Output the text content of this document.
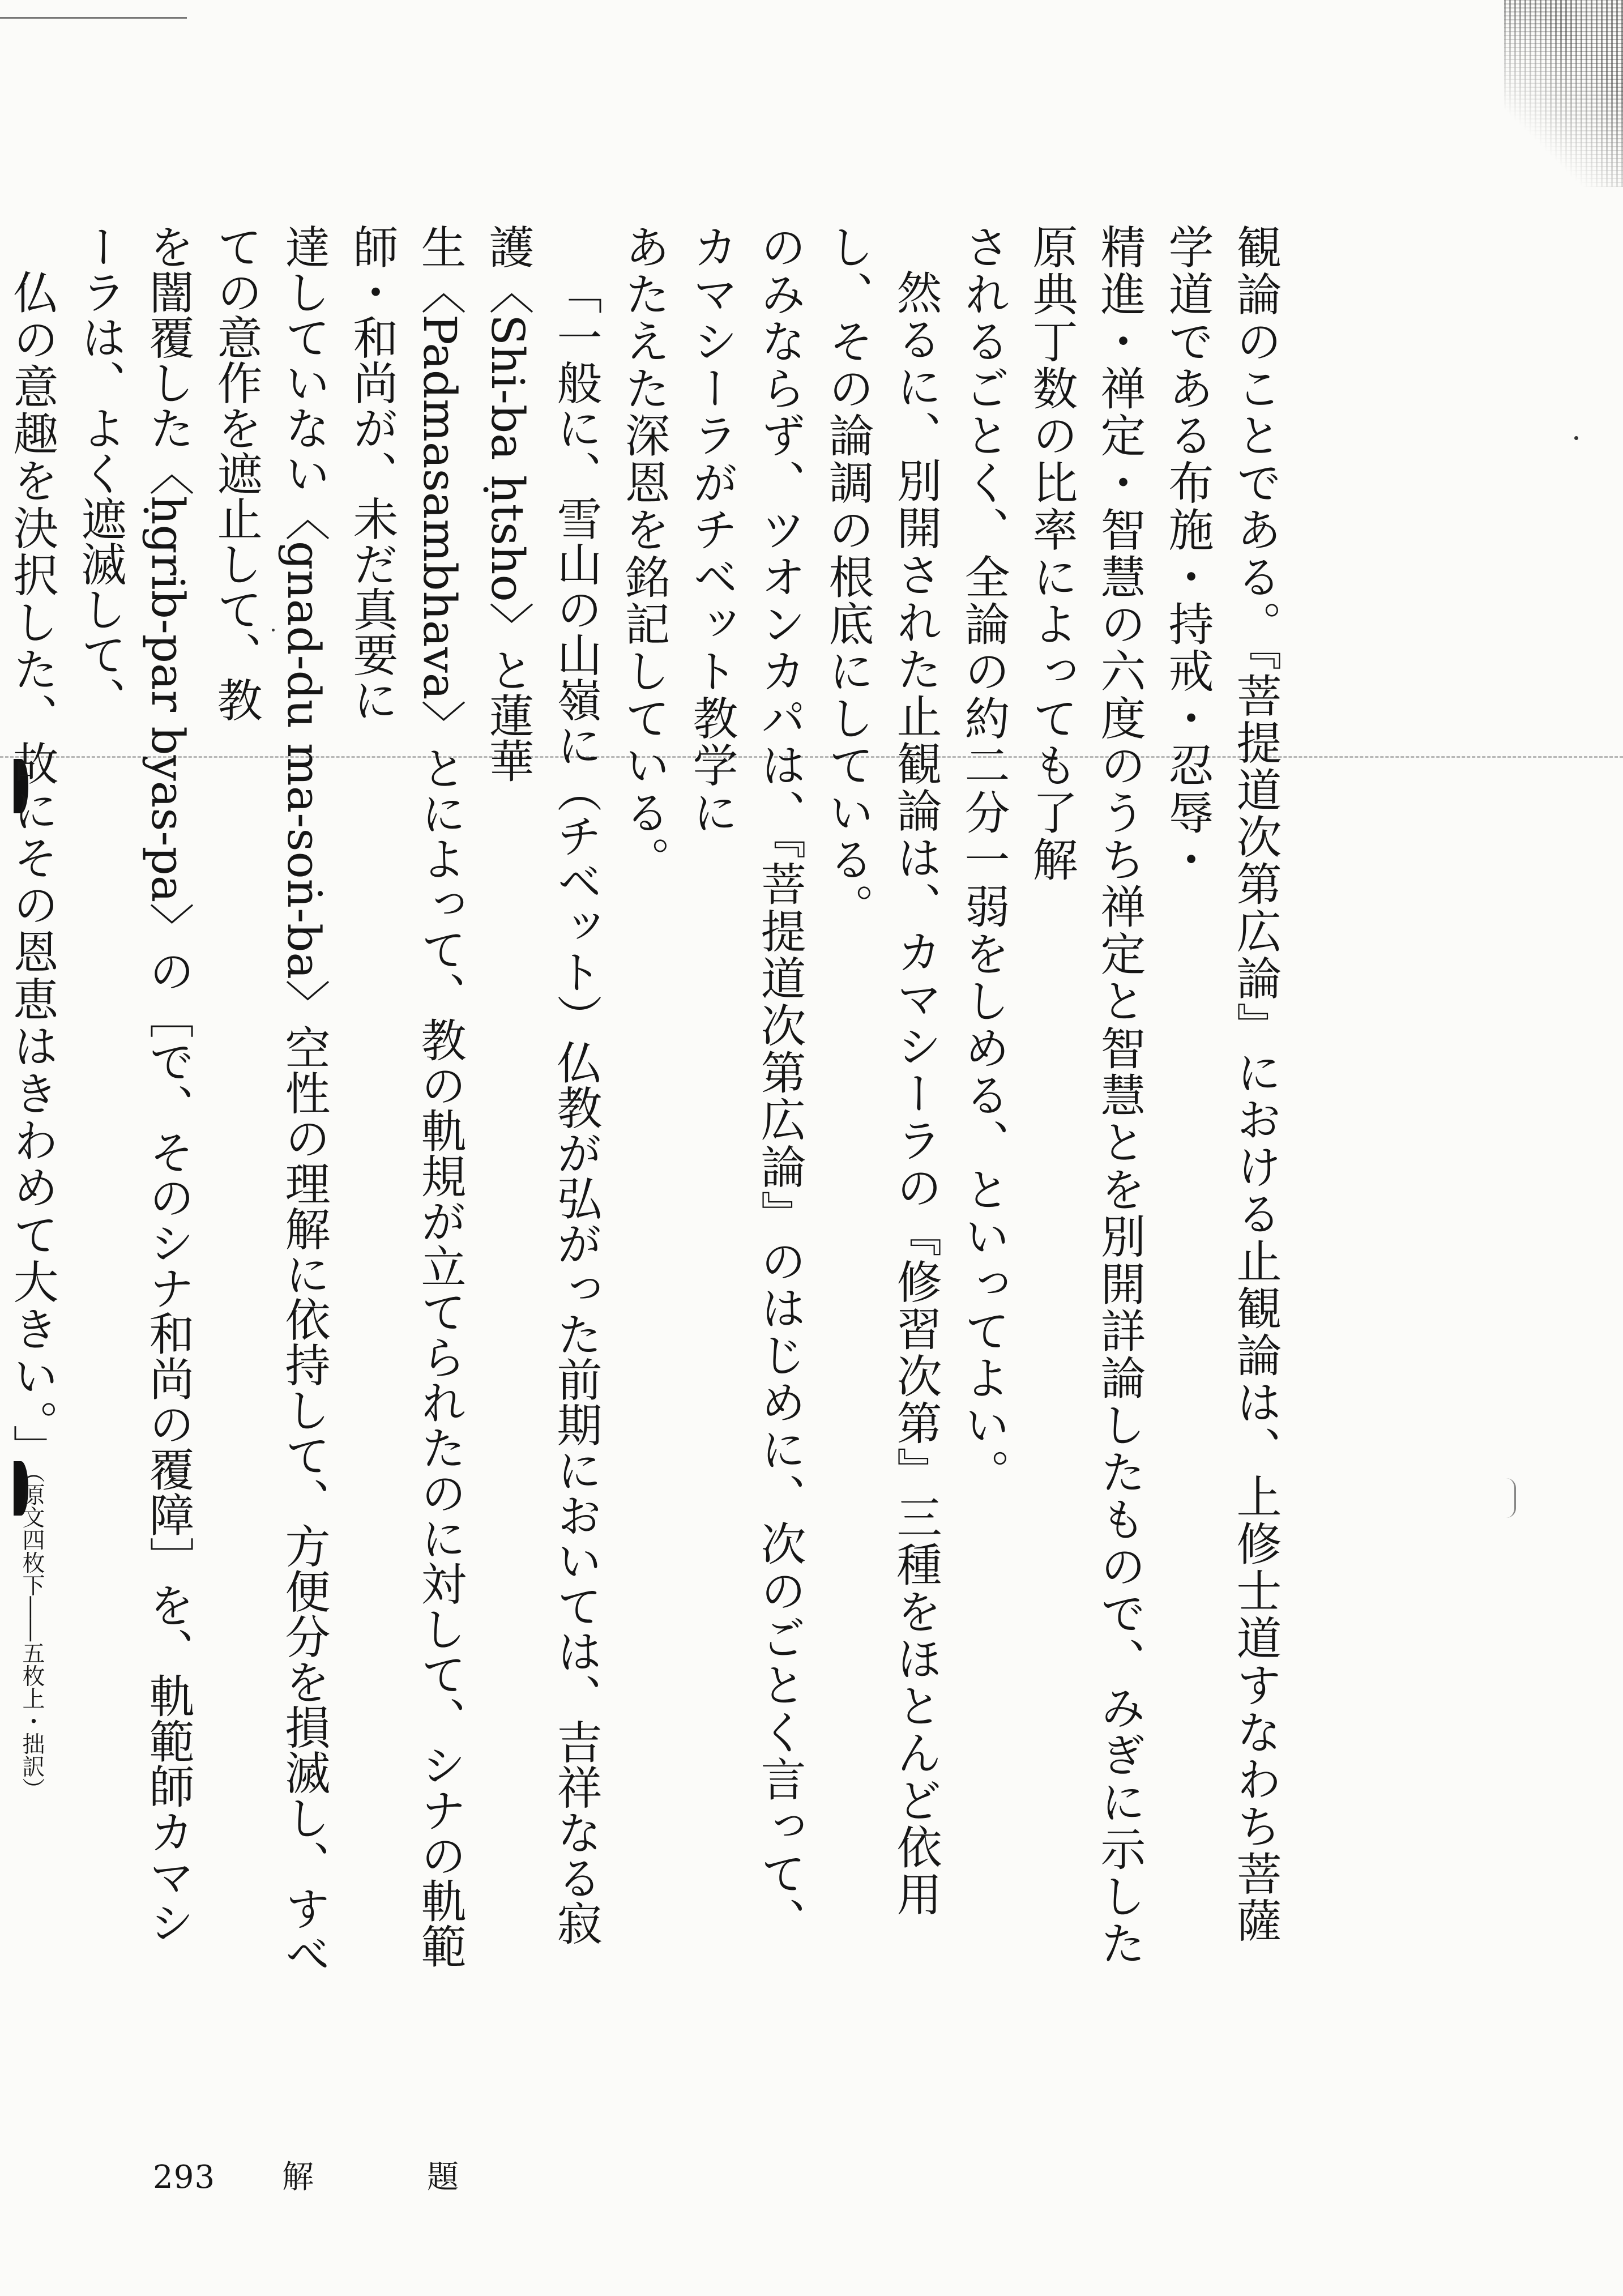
観論のことである。『菩提道次第広論』における止観論は、上修士道すなわち菩薩学道である布施・持戒・忍辱・

精進・禅定・智慧の六度のうち禅定と智慧とを別開詳論したもので、みぎに示した原典丁数の比率によっても了解

されるごとく、全論の約二分一弱をしめる、といってよい。

然るに、別開された止観論は、カマシーラの『修習次第』三種をほとんど依用し、その論調の根底にしている。

のみならず、ツオンカパは、『菩提道次第広論』のはじめに、次のごとく言って、カマシーラがチベット教学に

あたえた深恩を銘記している。

「一般に、雪山の山嶺に（チベット）仏教が弘がった前期においては、吉祥なる寂護〈Shi-ba ḥtsho〉と蓮華

生〈Padmasambhava〉とによって、教の軌規が立てられたのに対して、シナの軌範師・和尚が、未だ真要に

達していない〈gnad-du ma-soṅ-ba〉空性の理解に依持して、方便分を損滅し、すべての意作を遮止して、教

を闇覆した〈ḥgrib-par byas-pa〉の［で、そのシナ和尚の覆障］を、軌範師カマシーラは、よく遮滅して、

仏の意趣を決択した、故にその恩恵はきわめて大きい。」（原文四枚下――五枚上・拙訳）

293 解題
